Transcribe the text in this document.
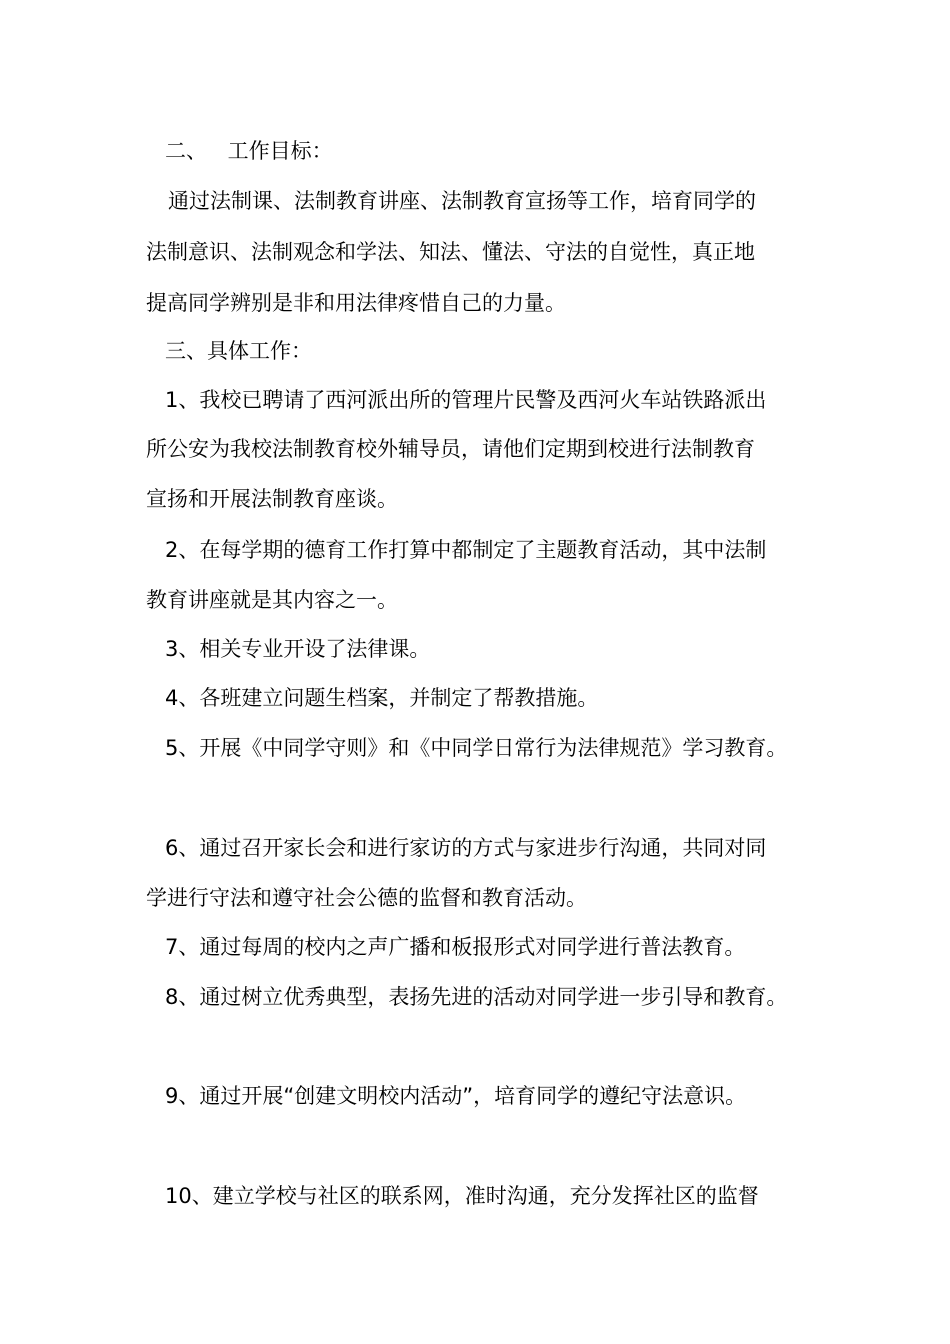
二、 工作目标：
通过法制课、法制教育讲座、法制教育宣扬等工作，培育同学的
法制意识、法制观念和学法、知法、懂法、守法的自觉性，真正地
提高同学辨别是非和用法律疼惜自己的力量。
三、具体工作：
1、我校已聘请了西河派出所的管理片民警及西河火车站铁路派出
所公安为我校法制教育校外辅导员，请他们定期到校进行法制教育
宣扬和开展法制教育座谈。
2、在每学期的德育工作打算中都制定了主题教育活动，其中法制
教育讲座就是其内容之一。
3、相关专业开设了法律课。
4、各班建立问题生档案，并制定了帮教措施。
5、开展《中同学守则》和《中同学日常行为法律规范》学习教育。
6、通过召开家长会和进行家访的方式与家进步行沟通，共同对同
学进行守法和遵守社会公德的监督和教育活动。
7、通过每周的校内之声广播和板报形式对同学进行普法教育。
8、通过树立优秀典型，表扬先进的活动对同学进一步引导和教育。
9、通过开展“创建文明校内活动”，培育同学的遵纪守法意识。
10、建立学校与社区的联系网，准时沟通，充分发挥社区的监督
